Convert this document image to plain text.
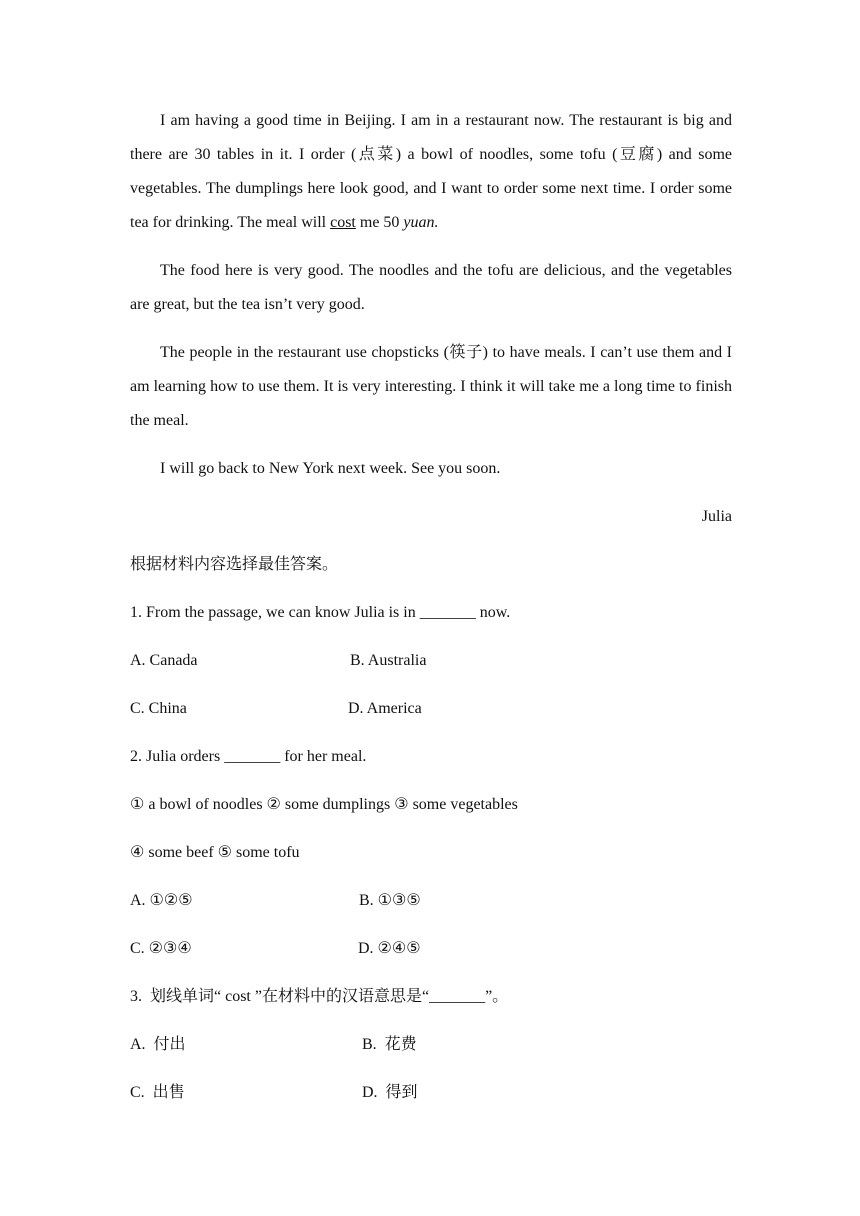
I am having a good time in Beijing. I am in a restaurant now. The restaurant is big and there are 30 tables in it. I order (点菜) a bowl of noodles, some tofu (豆腐) and some vegetables. The dumplings here look good, and I want to order some next time. I order some tea for drinking. The meal will cost me 50 yuan.

The food here is very good. The noodles and the tofu are delicious, and the vegetables are great, but the tea isn’t very good.

The people in the restaurant use chopsticks (筷子) to have meals. I can’t use them and I am learning how to use them. It is very interesting. I think it will take me a long time to finish the meal.

I will go back to New York next week. See you soon.

Julia
根据材料内容选择最佳答案。
1. From the passage, we can know Julia is in _______ now.
A. Canada	B. Australia
C. China	D. America
2. Julia orders _______ for her meal.
① a bowl of noodles ② some dumplings ③ some vegetables
④ some beef ⑤ some tofu
A. ①②⑤	B. ①③⑤
C. ②③④	D. ②④⑤
3.  划线单词“ cost ”在材料中的汉语意思是“_______”。
A.  付出	B.  花费
C.  出售	D.  得到
